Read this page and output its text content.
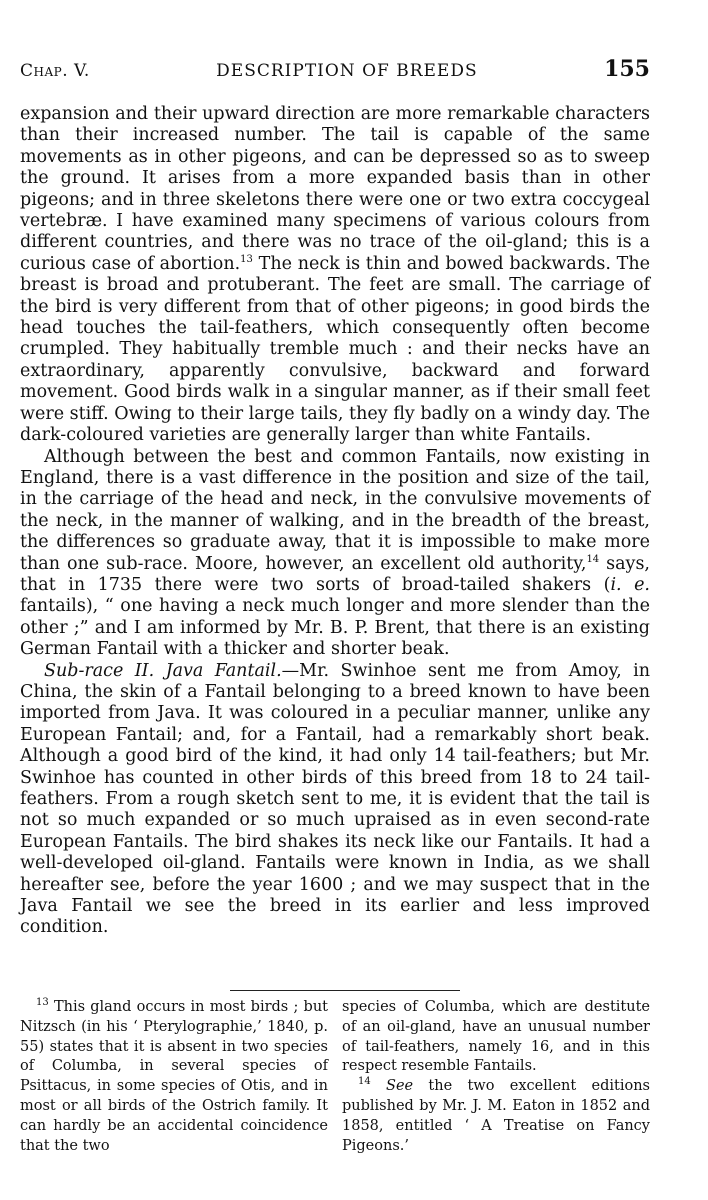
Chap. V.	DESCRIPTION OF BREEDS	155

expansion and their upward direction are more remarkable characters than their increased number. The tail is capable of the same movements as in other pigeons, and can be depressed so as to sweep the ground. It arises from a more expanded basis than in other pigeons; and in three skeletons there were one or two extra coccygeal vertebræ. I have examined many specimens of various colours from different countries, and there was no trace of the oil-gland; this is a curious case of abortion.$^{13}$ The neck is thin and bowed backwards. The breast is broad and protuberant. The feet are small. The carriage of the bird is very different from that of other pigeons; in good birds the head touches the tail-feathers, which consequently often become crumpled. They habitually tremble much : and their necks have an extraordinary, apparently convulsive, backward and forward movement. Good birds walk in a singular manner, as if their small feet were stiff. Owing to their large tails, they fly badly on a windy day. The dark-coloured varieties are generally larger than white Fantails.

Although between the best and common Fantails, now existing in England, there is a vast difference in the position and size of the tail, in the carriage of the head and neck, in the convulsive movements of the neck, in the manner of walking, and in the breadth of the breast, the differences so graduate away, that it is impossible to make more than one sub-race. Moore, however, an excellent old authority,$^{14}$ says, that in 1735 there were two sorts of broad-tailed shakers (i. e. fantails), “ one having a neck much longer and more slender than the other ;” and I am informed by Mr. B. P. Brent, that there is an existing German Fantail with a thicker and shorter beak.

Sub-race II. Java Fantail.—Mr. Swinhoe sent me from Amoy, in China, the skin of a Fantail belonging to a breed known to have been imported from Java. It was coloured in a peculiar manner, unlike any European Fantail; and, for a Fantail, had a remarkably short beak. Although a good bird of the kind, it had only 14 tail-feathers; but Mr. Swinhoe has counted in other birds of this breed from 18 to 24 tail-feathers. From a rough sketch sent to me, it is evident that the tail is not so much expanded or so much upraised as in even second-rate European Fantails. The bird shakes its neck like our Fantails. It had a well-developed oil-gland. Fantails were known in India, as we shall hereafter see, before the year 1600 ; and we may suspect that in the Java Fantail we see the breed in its earlier and less improved condition.

$^{13}$ This gland occurs in most birds ; but Nitzsch (in his ‘ Pterylographie,’ 1840, p. 55) states that it is absent in two species of Columba, in several species of Psittacus, in some species of Otis, and in most or all birds of the Ostrich family. It can hardly be an accidental coincidence that the two

species of Columba, which are destitute of an oil-gland, have an unusual number of tail-feathers, namely 16, and in this respect resemble Fantails.

$^{14}$ See the two excellent editions published by Mr. J. M. Eaton in 1852 and 1858, entitled ‘ A Treatise on Fancy Pigeons.’
